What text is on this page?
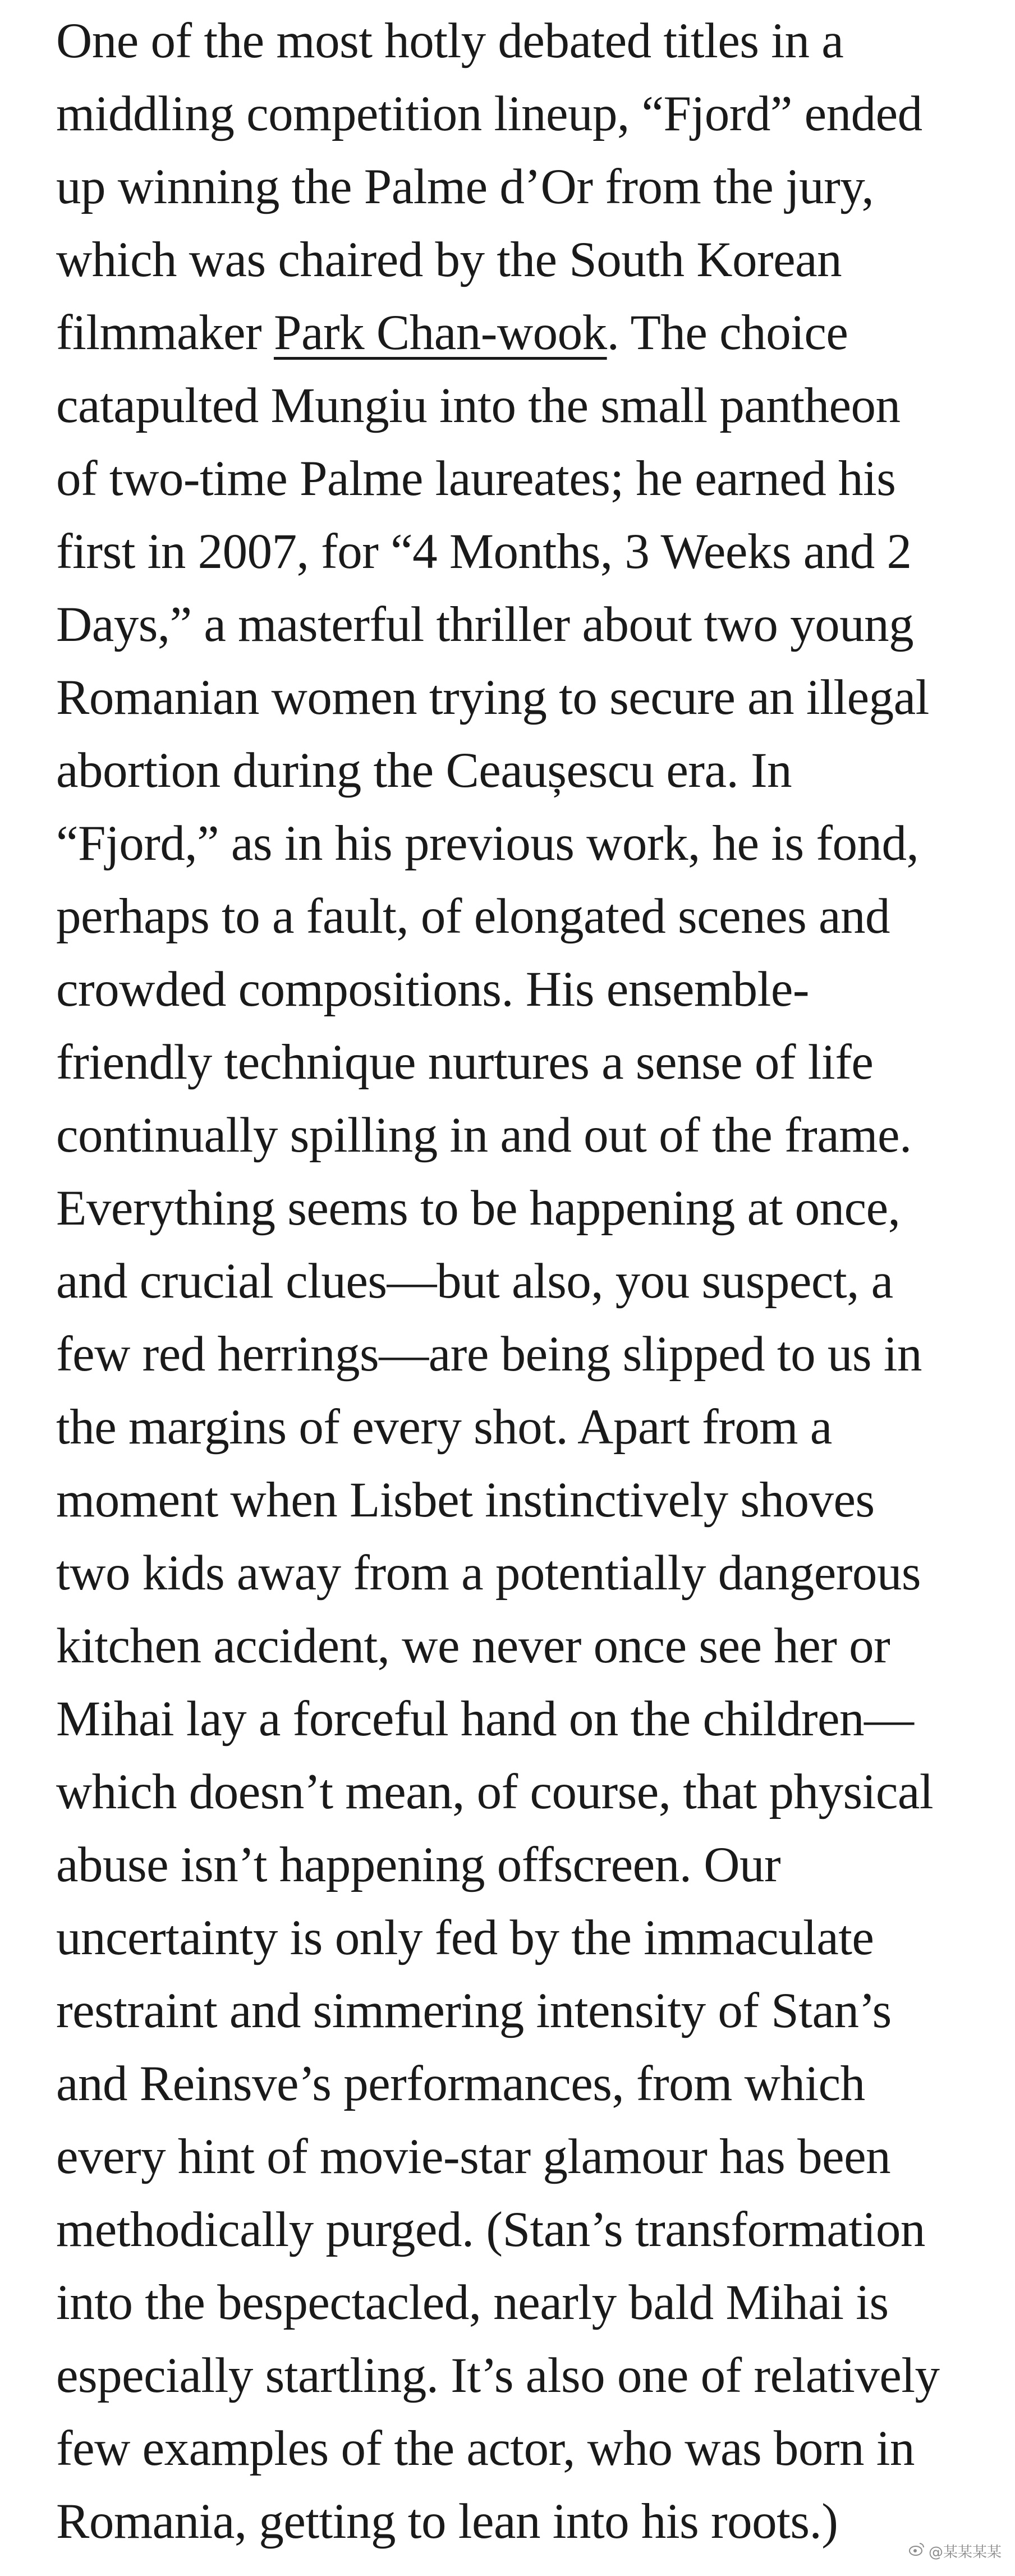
One of the most hotly debated titles in a
middling competition lineup, “Fjord” ended
up winning the Palme d’Or from the jury,
which was chaired by the South Korean
filmmaker Park Chan-wook. The choice
catapulted Mungiu into the small pantheon
of two-time Palme laureates; he earned his
first in 2007, for “4 Months, 3 Weeks and 2
Days,” a masterful thriller about two young
Romanian women trying to secure an illegal
abortion during the Ceaușescu era. In
“Fjord,” as in his previous work, he is fond,
perhaps to a fault, of elongated scenes and
crowded compositions. His ensemble-
friendly technique nurtures a sense of life
continually spilling in and out of the frame.
Everything seems to be happening at once,
and crucial clues—but also, you suspect, a
few red herrings—are being slipped to us in
the margins of every shot. Apart from a
moment when Lisbet instinctively shoves
two kids away from a potentially dangerous
kitchen accident, we never once see her or
Mihai lay a forceful hand on the children—
which doesn’t mean, of course, that physical
abuse isn’t happening offscreen. Our
uncertainty is only fed by the immaculate
restraint and simmering intensity of Stan’s
and Reinsve’s performances, from which
every hint of movie-star glamour has been
methodically purged. (Stan’s transformation
into the bespectacled, nearly bald Mihai is
especially startling. It’s also one of relatively
few examples of the actor, who was born in
Romania, getting to lean into his roots.)
@某某某某
